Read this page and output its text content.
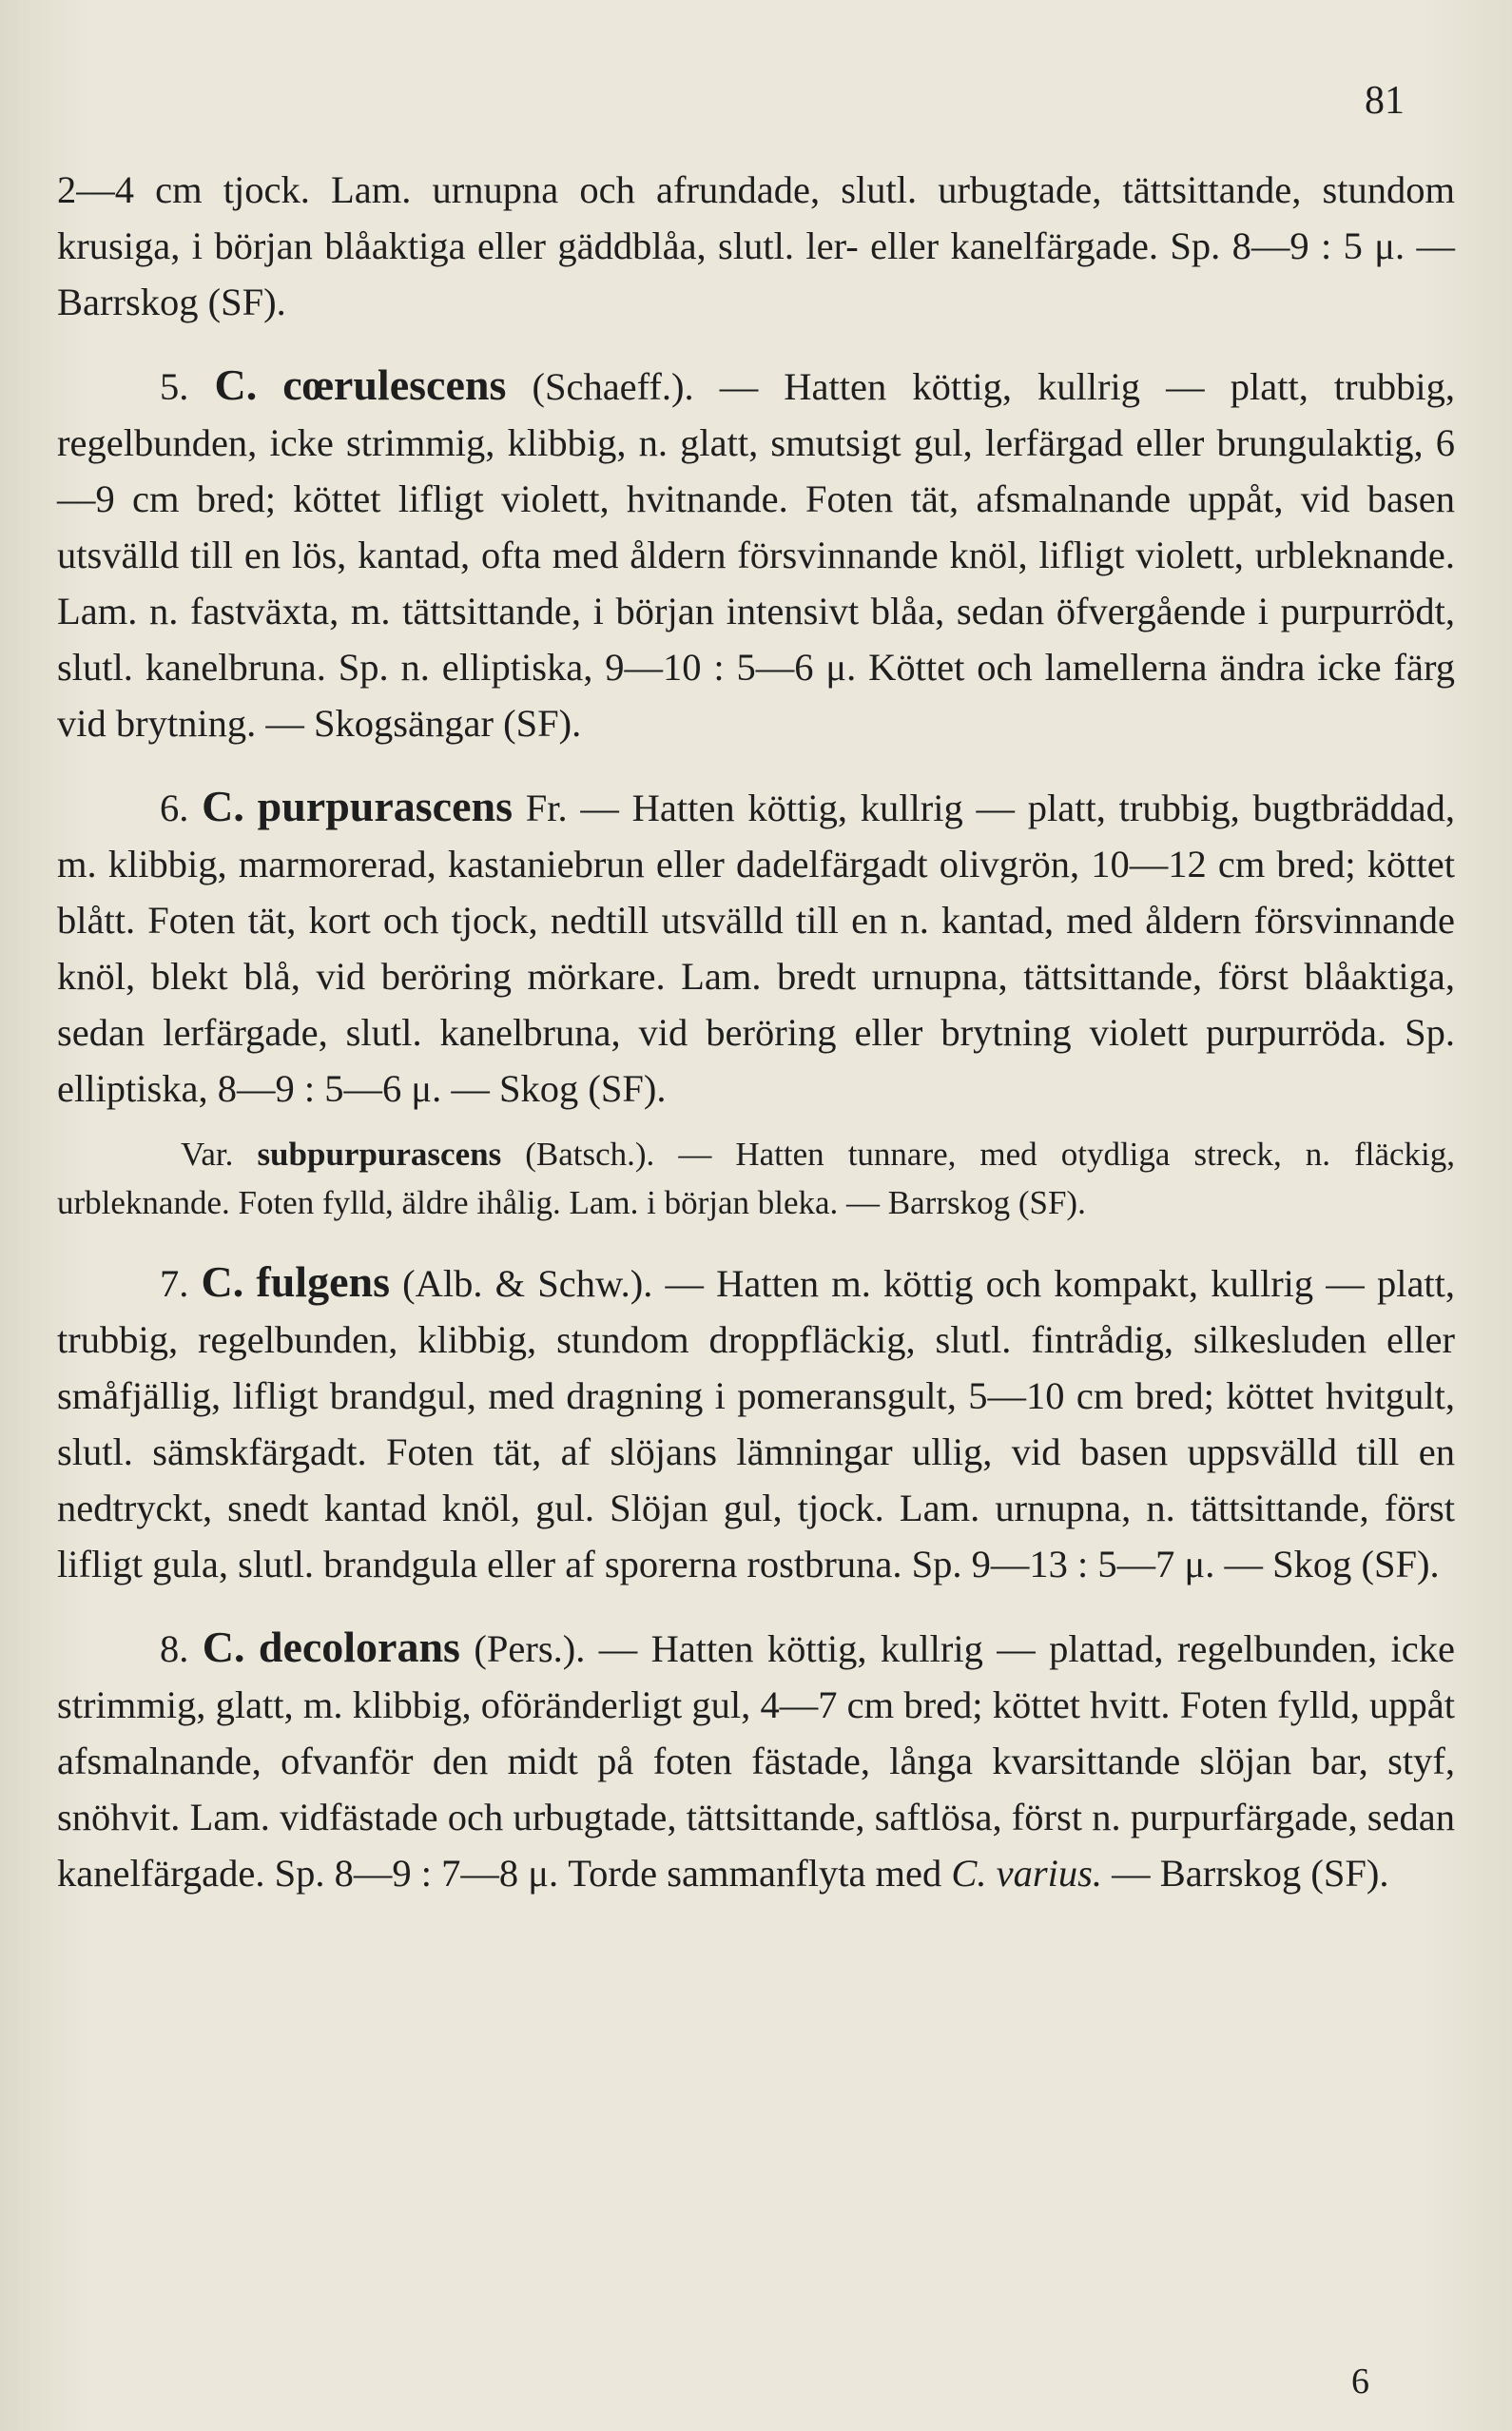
81

2—4 cm tjock. Lam. urnupna och afrundade, slutl. urbugtade, tättsittande, stundom krusiga, i början blåaktiga eller gäddblåa, slutl. ler- eller kanelfärgade. Sp. 8—9 : 5 μ. — Barrskog (SF).

5. C. cœrulescens (Schaeff.). — Hatten köttig, kullrig — platt, trubbig, regelbunden, icke strimmig, klibbig, n. glatt, smutsigt gul, lerfärgad eller brungulaktig, 6—9 cm bred; köttet lifligt violett, hvitnande. Foten tät, afsmalnande uppåt, vid basen utsvälld till en lös, kantad, ofta med åldern försvinnande knöl, lifligt violett, urbleknande. Lam. n. fastväxta, m. tättsittande, i början intensivt blåa, sedan öfvergående i purpurrödt, slutl. kanelbruna. Sp. n. elliptiska, 9—10 : 5—6 μ. Köttet och lamellerna ändra icke färg vid brytning. — Skogsängar (SF).

6. C. purpurascens Fr. — Hatten köttig, kullrig — platt, trubbig, bugtbräddad, m. klibbig, marmorerad, kastaniebrun eller dadelfärgadt olivgrön, 10—12 cm bred; köttet blått. Foten tät, kort och tjock, nedtill utsvälld till en n. kantad, med åldern försvinnande knöl, blekt blå, vid beröring mörkare. Lam. bredt urnupna, tättsittande, först blåaktiga, sedan lerfärgade, slutl. kanelbruna, vid beröring eller brytning violett purpurröda. Sp. elliptiska, 8—9 : 5—6 μ. — Skog (SF).

Var. subpurpurascens (Batsch.). — Hatten tunnare, med otydliga streck, n. fläckig, urbleknande. Foten fylld, äldre ihålig. Lam. i början bleka. — Barrskog (SF).

7. C. fulgens (Alb. & Schw.). — Hatten m. köttig och kompakt, kullrig — platt, trubbig, regelbunden, klibbig, stundom droppfläckig, slutl. fintrådig, silkesluden eller småfjällig, lifligt brandgul, med dragning i pomeransgult, 5—10 cm bred; köttet hvitgult, slutl. sämskfärgadt. Foten tät, af slöjans lämningar ullig, vid basen uppsvälld till en nedtryckt, snedt kantad knöl, gul. Slöjan gul, tjock. Lam. urnupna, n. tättsittande, först lifligt gula, slutl. brandgula eller af sporerna rostbruna. Sp. 9—13 : 5—7 μ. — Skog (SF).

8. C. decolorans (Pers.). — Hatten köttig, kullrig — plattad, regelbunden, icke strimmig, glatt, m. klibbig, oföränderligt gul, 4—7 cm bred; köttet hvitt. Foten fylld, uppåt afsmalnande, ofvanför den midt på foten fästade, långa kvarsittande slöjan bar, styf, snöhvit. Lam. vidfästade och urbugtade, tättsittande, saftlösa, först n. purpurfärgade, sedan kanelfärgade. Sp. 8—9 : 7—8 μ. Torde sammanflyta med C. varius. — Barrskog (SF).

6
